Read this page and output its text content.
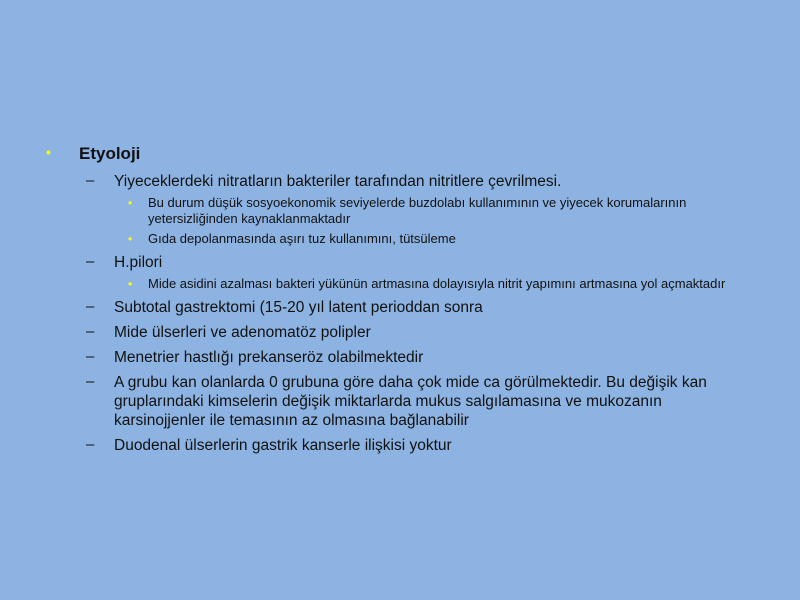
• Etyoloji
– Yiyeceklerdeki nitratların bakteriler tarafından nitritlere çevrilmesi.
• Bu durum düşük sosyoekonomik seviyelerde buzdolabı kullanımının ve yiyecek korumalarının yetersizliğinden kaynaklanmaktadır
• Gıda depolanmasında aşırı tuz kullanımını, tütsüleme
– H.pilori
• Mide asidini azalması bakteri yükünün artmasına dolayısıyla nitrit yapımını artmasına yol açmaktadır
– Subtotal gastrektomi (15-20 yıl latent perioddan sonra
– Mide ülserleri ve adenomatöz polipler
– Menetrier hastlığı prekanseröz olabilmektedir
– A grubu kan olanlarda 0 grubuna göre daha çok mide ca görülmektedir. Bu değişik kan gruplarındaki kimselerin değişik miktarlarda mukus salgılamasına ve mukozanın karsinojjenler ile temasının az olmasına bağlanabilir
– Duodenal ülserlerin gastrik kanserle ilişkisi yoktur
